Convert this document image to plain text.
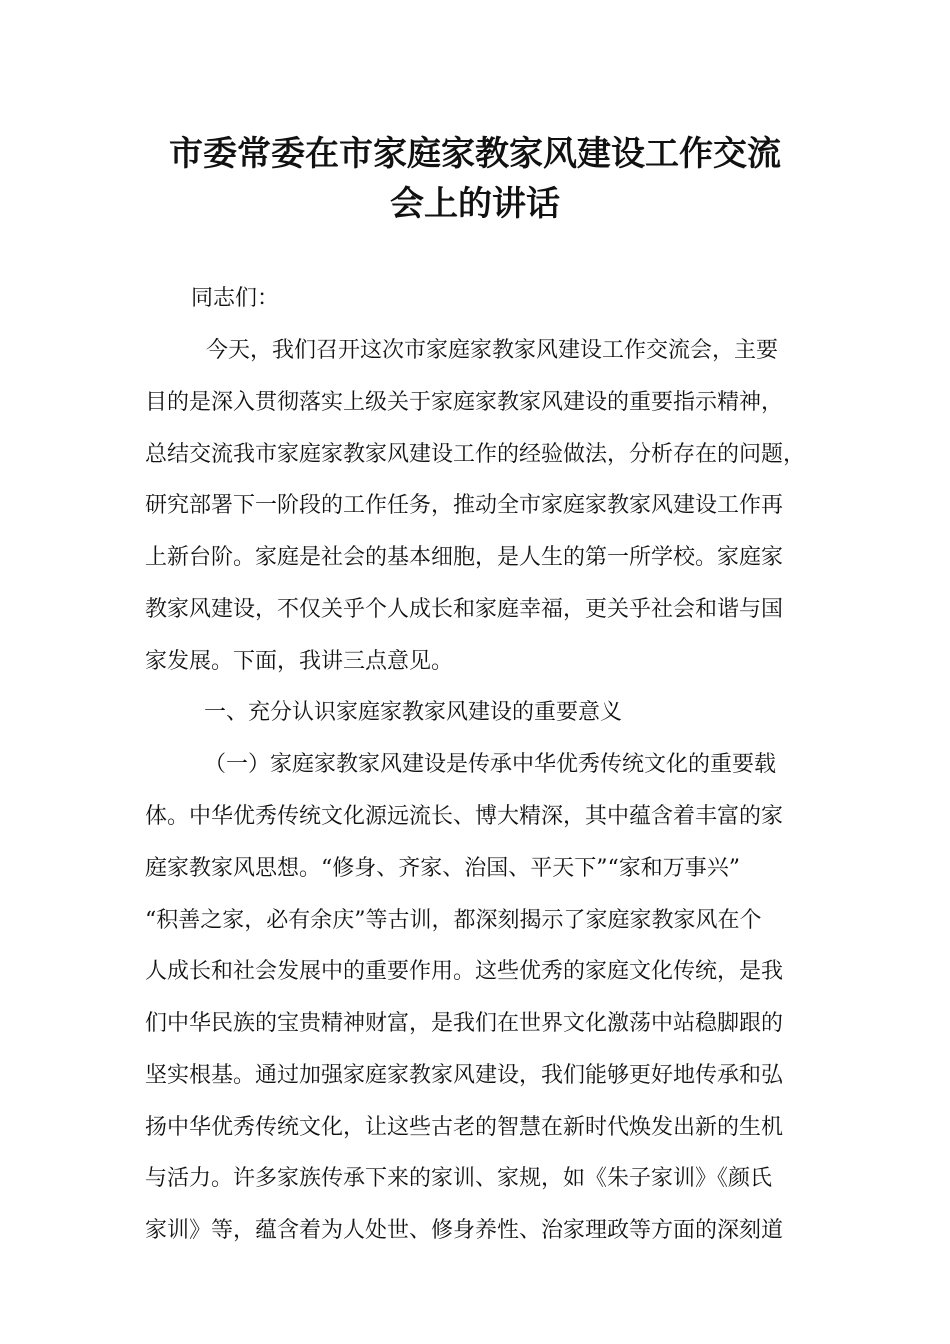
市委常委在市家庭家教家风建设工作交流
会上的讲话
同志们：
今天，我们召开这次市家庭家教家风建设工作交流会，主要
目的是深入贯彻落实上级关于家庭家教家风建设的重要指示精神，
总结交流我市家庭家教家风建设工作的经验做法，分析存在的问题，
研究部署下一阶段的工作任务，推动全市家庭家教家风建设工作再
上新台阶。家庭是社会的基本细胞，是人生的第一所学校。家庭家
教家风建设，不仅关乎个人成长和家庭幸福，更关乎社会和谐与国
家发展。下面，我讲三点意见。
一、充分认识家庭家教家风建设的重要意义
（一）家庭家教家风建设是传承中华优秀传统文化的重要载
体。中华优秀传统文化源远流长、博大精深，其中蕴含着丰富的家
庭家教家风思想。“修身、齐家、治国、平天下”“家和万事兴”
“积善之家，必有余庆”等古训，都深刻揭示了家庭家教家风在个
人成长和社会发展中的重要作用。这些优秀的家庭文化传统，是我
们中华民族的宝贵精神财富，是我们在世界文化激荡中站稳脚跟的
坚实根基。通过加强家庭家教家风建设，我们能够更好地传承和弘
扬中华优秀传统文化，让这些古老的智慧在新时代焕发出新的生机
与活力。许多家族传承下来的家训、家规，如《朱子家训》《颜氏
家训》等，蕴含着为人处世、修身养性、治家理政等方面的深刻道
